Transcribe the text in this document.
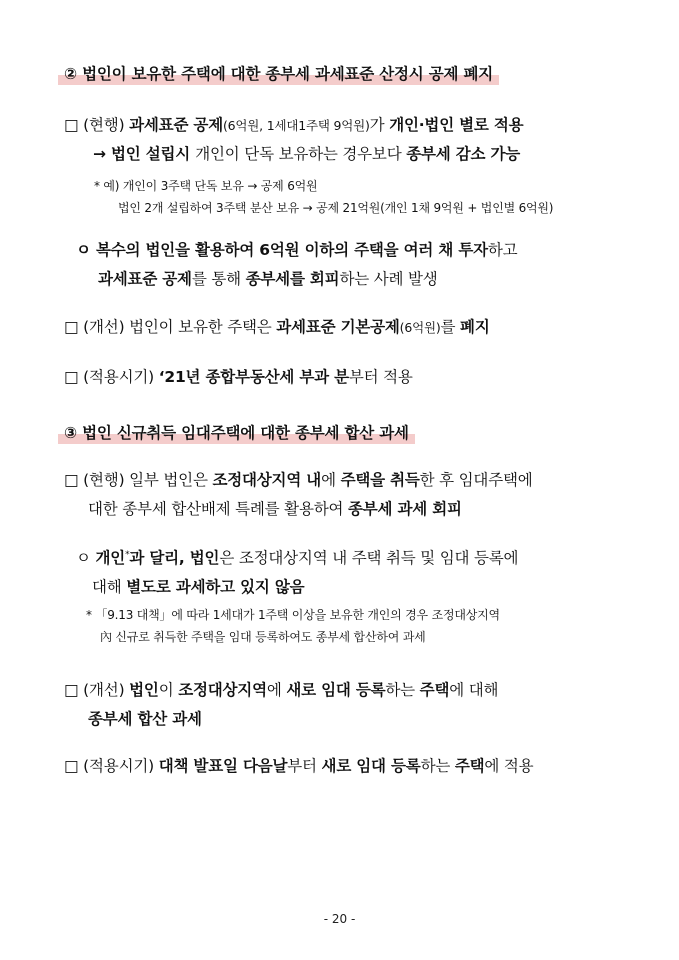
② 법인이 보유한 주택에 대한 종부세 과세표준 산정시 공제 폐지
□ (현행) 과세표준 공제(6억원, 1세대1주택 9억원)가 개인·법인 별로 적용
→ 법인 설립시 개인이 단독 보유하는 경우보다 종부세 감소 가능
* 예) 개인이 3주택 단독 보유 → 공제 6억원
법인 2개 설립하여 3주택 분산 보유 → 공제 21억원(개인 1채 9억원 + 법인별 6억원)
ㅇ 복수의 법인을 활용하여 6억원 이하의 주택을 여러 채 투자하고
과세표준 공제를 통해 종부세를 회피하는 사례 발생
□ (개선) 법인이 보유한 주택은 과세표준 기본공제(6억원)를 폐지
□ (적용시기) ‘21년 종합부동산세 부과 분부터 적용
③ 법인 신규취득 임대주택에 대한 종부세 합산 과세
□ (현행) 일부 법인은 조정대상지역 내에 주택을 취득한 후 임대주택에
대한 종부세 합산배제 특례를 활용하여 종부세 과세 회피
ㅇ 개인*과 달리, 법인은 조정대상지역 내 주택 취득 및 임대 등록에
대해 별도로 과세하고 있지 않음
* 「9.13 대책」에 따라 1세대가 1주택 이상을 보유한 개인의 경우 조정대상지역
內 신규로 취득한 주택을 임대 등록하여도 종부세 합산하여 과세
□ (개선) 법인이 조정대상지역에 새로 임대 등록하는 주택에 대해
종부세 합산 과세
□ (적용시기) 대책 발표일 다음날부터 새로 임대 등록하는 주택에 적용
- 20 -
